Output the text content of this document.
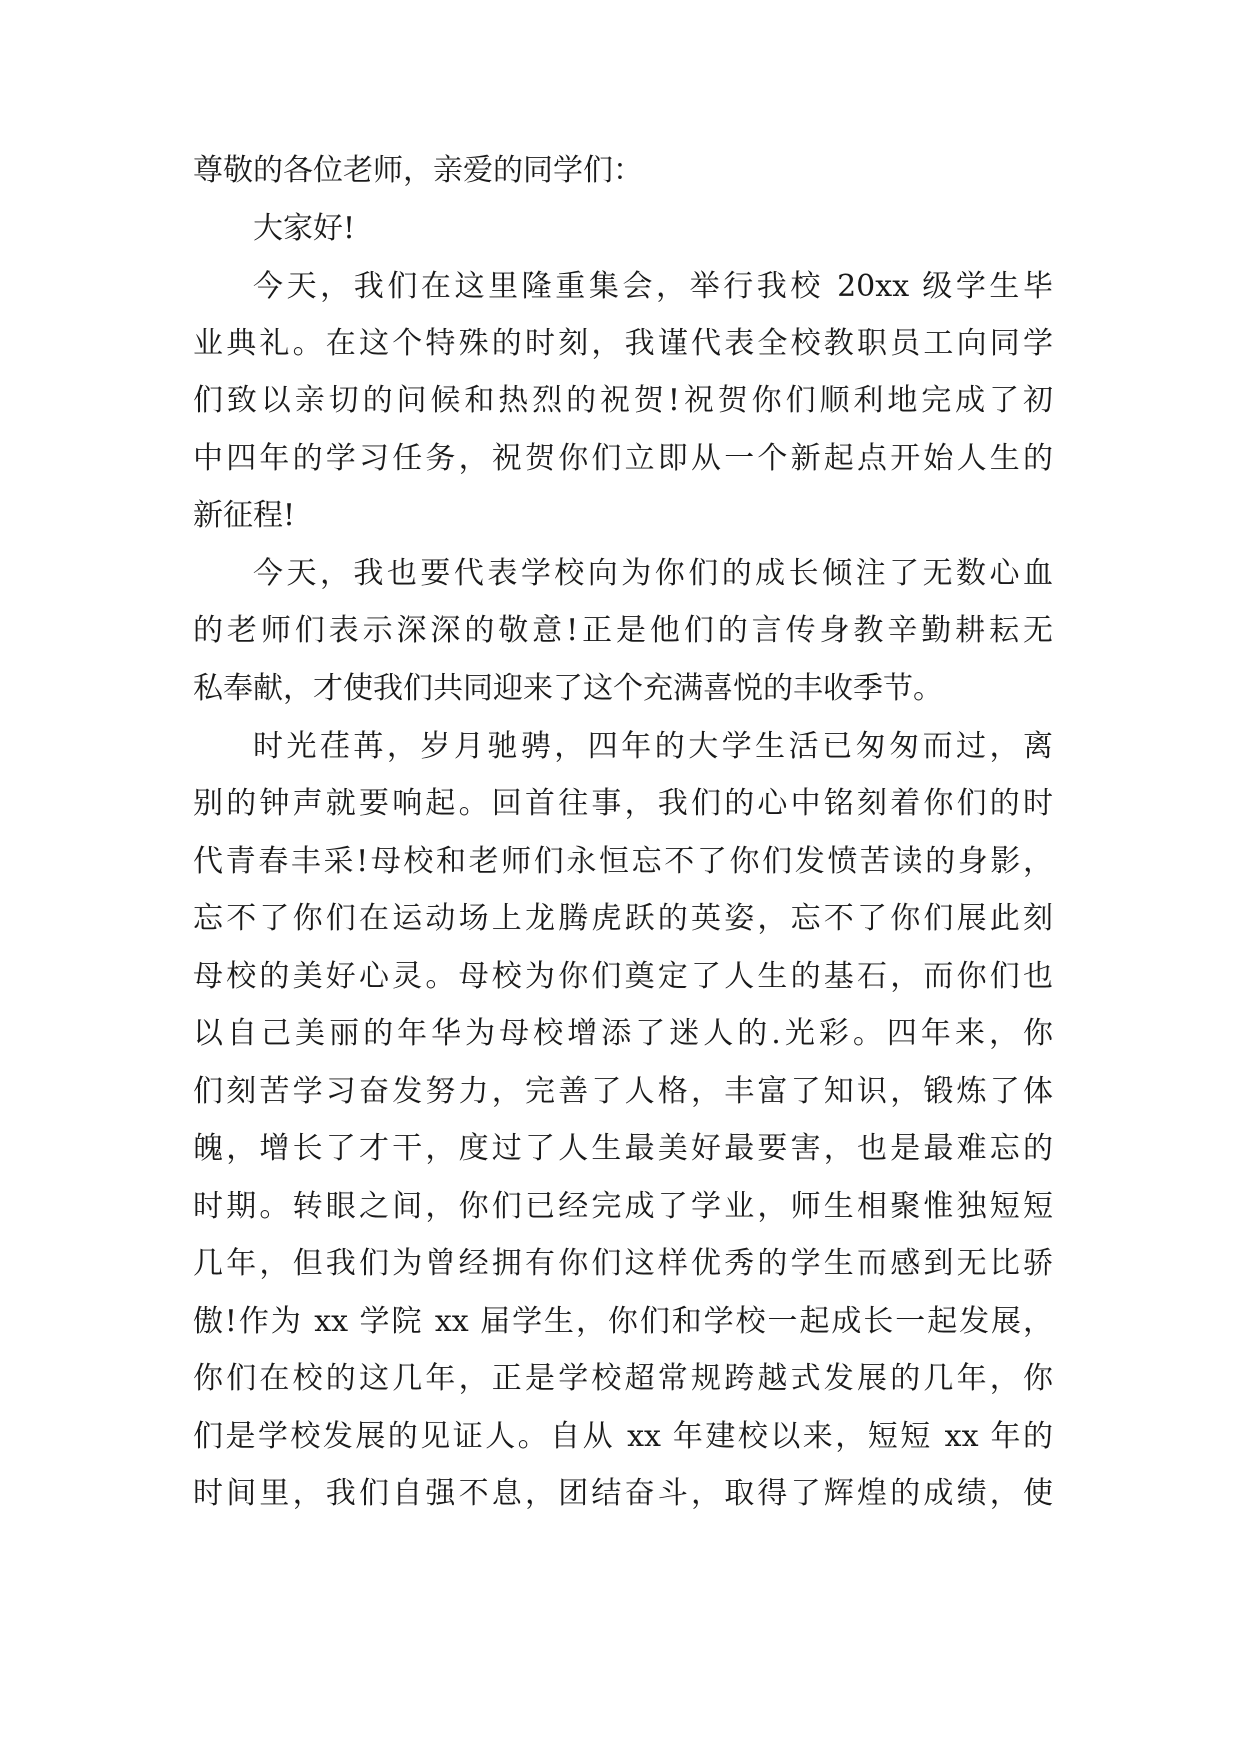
尊敬的各位老师，亲爱的同学们：
大家好!
今天，我们在这里隆重集会，举行我校 20xx 级学生毕
业典礼。在这个特殊的时刻，我谨代表全校教职员工向同学
们致以亲切的问候和热烈的祝贺!祝贺你们顺利地完成了初
中四年的学习任务，祝贺你们立即从一个新起点开始人生的
新征程!
今天，我也要代表学校向为你们的成长倾注了无数心血
的老师们表示深深的敬意!正是他们的言传身教辛勤耕耘无
私奉献，才使我们共同迎来了这个充满喜悦的丰收季节。
时光荏苒，岁月驰骋，四年的大学生活已匆匆而过，离
别的钟声就要响起。回首往事，我们的心中铭刻着你们的时
代青春丰采!母校和老师们永恒忘不了你们发愤苦读的身影，
忘不了你们在运动场上龙腾虎跃的英姿，忘不了你们展此刻
母校的美好心灵。母校为你们奠定了人生的基石，而你们也
以自己美丽的年华为母校增添了迷人的.光彩。四年来，你
们刻苦学习奋发努力，完善了人格，丰富了知识，锻炼了体
魄，增长了才干，度过了人生最美好最要害，也是最难忘的
时期。转眼之间，你们已经完成了学业，师生相聚惟独短短
几年，但我们为曾经拥有你们这样优秀的学生而感到无比骄
傲!作为 xx 学院 xx 届学生，你们和学校一起成长一起发展，
你们在校的这几年，正是学校超常规跨越式发展的几年，你
们是学校发展的见证人。自从 xx 年建校以来，短短 xx 年的
时间里，我们自强不息，团结奋斗，取得了辉煌的成绩，使
